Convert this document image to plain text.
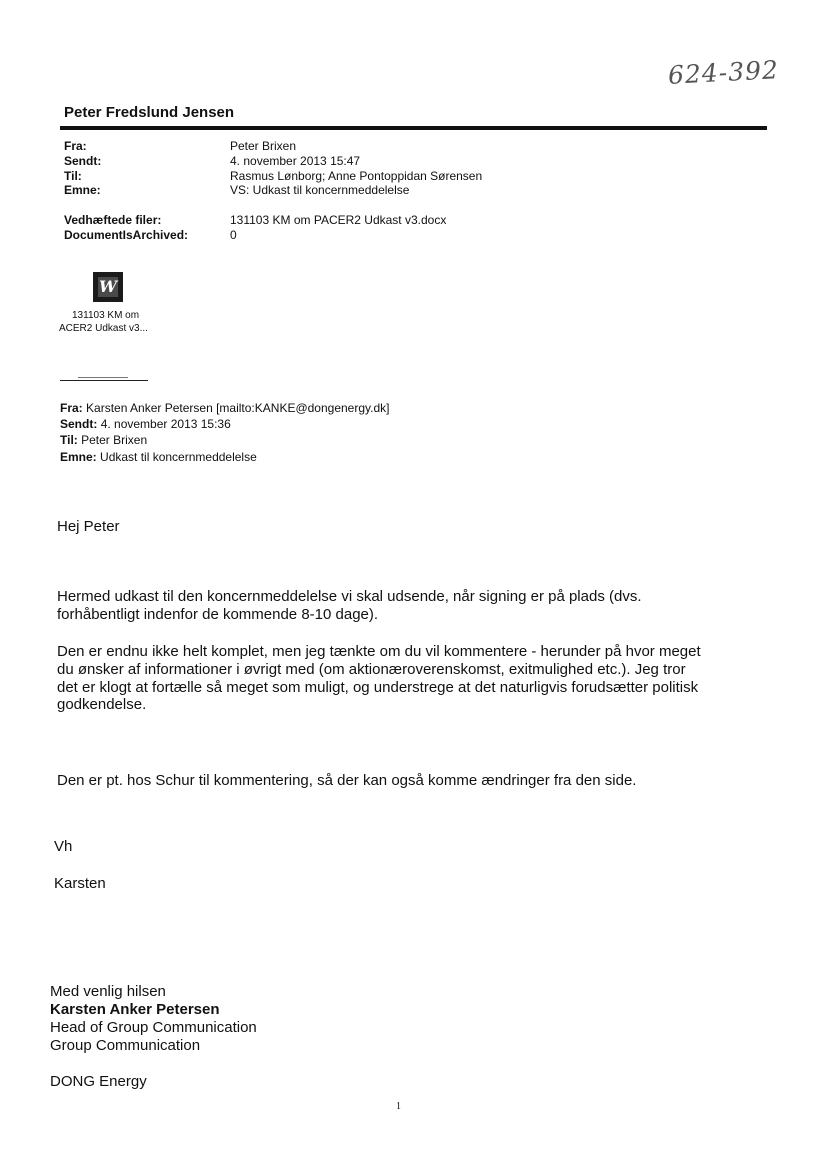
624-392
Peter Fredslund Jensen
Fra:	Peter Brixen
Sendt:	4. november 2013 15:47
Til:	Rasmus Lønborg; Anne Pontoppidan Sørensen
Emne:	VS: Udkast til koncernmeddelelse
Vedhæftede filer:	131103 KM om PACER2 Udkast v3.docx
DocumentIsArchived:	0
W
131103 KM om
ACER2 Udkast v3...
Fra: Karsten Anker Petersen [mailto:KANKE@dongenergy.dk]
Sendt: 4. november 2013 15:36
Til: Peter Brixen
Emne: Udkast til koncernmeddelelse
Hej Peter
Hermed udkast til den koncernmeddelelse vi skal udsende, når signing er på plads (dvs.
forhåbentligt indenfor de kommende 8-10 dage).
Den er endnu ikke helt komplet, men jeg tænkte om du vil kommentere - herunder på hvor meget
du ønsker af informationer i øvrigt med (om aktionæroverenskomst, exitmulighed etc.). Jeg tror
det er klogt at fortælle så meget som muligt, og understrege at det naturligvis forudsætter politisk
godkendelse.
Den er pt. hos Schur til kommentering, så der kan også komme ændringer fra den side.
Vh
Karsten
Med venlig hilsen
Karsten Anker Petersen
Head of Group Communication
Group Communication
DONG Energy
1
